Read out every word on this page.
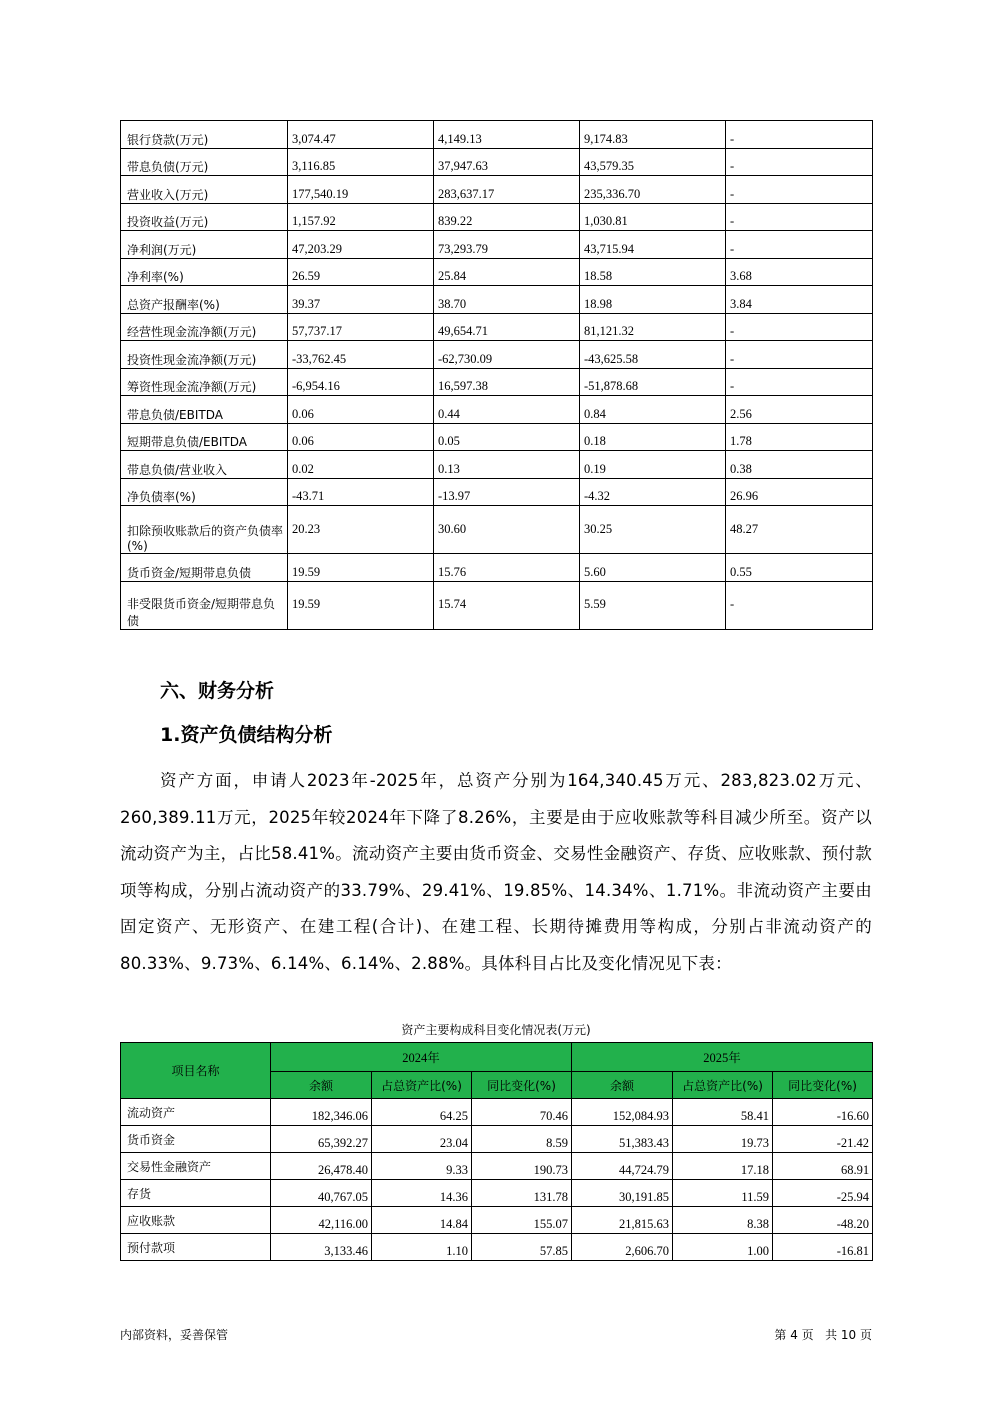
银行贷款(万元)	3,074.47	4,149.13	9,174.83	-
带息负债(万元)	3,116.85	37,947.63	43,579.35	-
营业收入(万元)	177,540.19	283,637.17	235,336.70	-
投资收益(万元)	1,157.92	839.22	1,030.81	-
净利润(万元)	47,203.29	73,293.79	43,715.94	-
净利率(%)	26.59	25.84	18.58	3.68
总资产报酬率(%)	39.37	38.70	18.98	3.84
经营性现金流净额(万元)	57,737.17	49,654.71	81,121.32	-
投资性现金流净额(万元)	-33,762.45	-62,730.09	-43,625.58	-
筹资性现金流净额(万元)	-6,954.16	16,597.38	-51,878.68	-
带息负债/EBITDA	0.06	0.44	0.84	2.56
短期带息负债/EBITDA	0.06	0.05	0.18	1.78
带息负债/营业收入	0.02	0.13	0.19	0.38
净负债率(%)	-43.71	-13.97	-4.32	26.96
扣除预收账款后的资产负债率(%)	20.23	30.60	30.25	48.27
货币资金/短期带息负债	19.59	15.76	5.60	0.55
非受限货币资金/短期带息负债	19.59	15.74	5.59	-
六、财务分析
1.资产负债结构分析

资产方面，申请人2023年-2025年，总资产分别为164,340.45万元、283,823.02万元、260,389.11万元，2025年较2024年下降了8.26%，主要是由于应收账款等科目减少所至。资产以流动资产为主，占比58.41%。流动资产主要由货币资金、交易性金融资产、存货、应收账款、预付款项等构成，分别占流动资产的33.79%、29.41%、19.85%、14.34%、1.71%。非流动资产主要由固定资产、无形资产、在建工程(合计)、在建工程、长期待摊费用等构成，分别占非流动资产的80.33%、9.73%、6.14%、6.14%、2.88%。具体科目占比及变化情况见下表：

资产主要构成科目变化情况表(万元)
项目名称	2024年			2025年		
	余额	占总资产比(%)	同比变化(%)	余额	占总资产比(%)	同比变化(%)
流动资产	182,346.06	64.25	70.46	152,084.93	58.41	-16.60
货币资金	65,392.27	23.04	8.59	51,383.43	19.73	-21.42
交易性金融资产	26,478.40	9.33	190.73	44,724.79	17.18	68.91
存货	40,767.05	14.36	131.78	30,191.85	11.59	-25.94
应收账款	42,116.00	14.84	155.07	21,815.63	8.38	-48.20
预付款项	3,133.46	1.10	57.85	2,606.70	1.00	-16.81
内部资料，妥善保管	第 4 页   共 10 页
